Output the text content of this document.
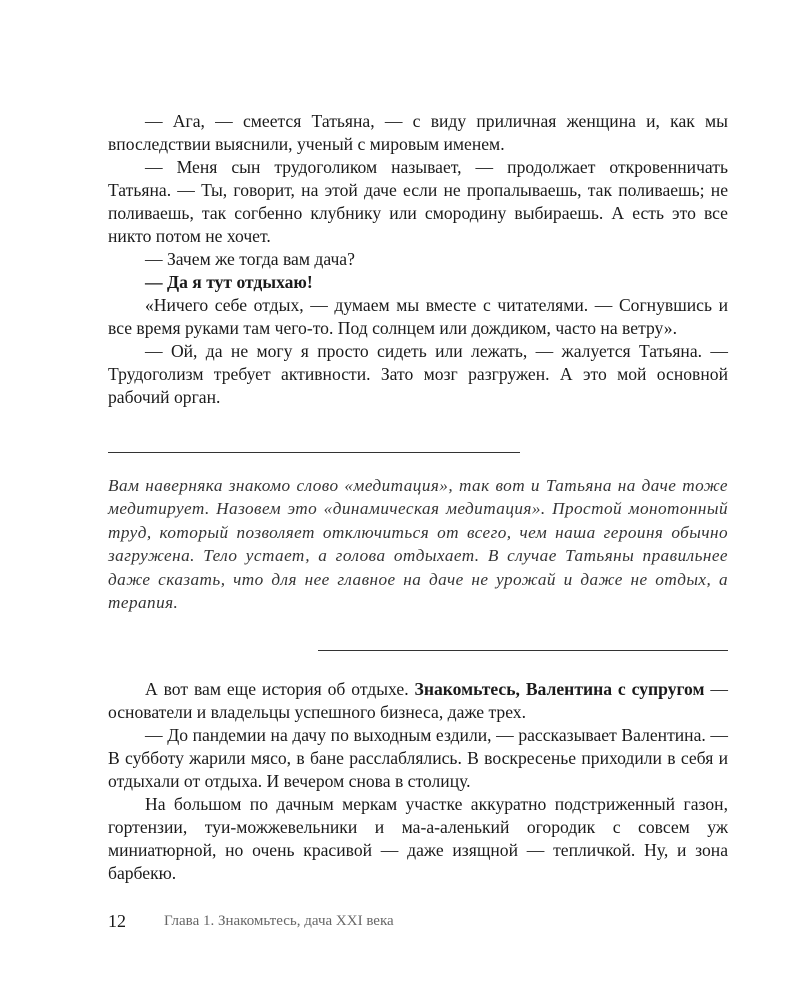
— Ага, — смеется Татьяна, — с виду приличная женщина и, как мы впоследствии выяснили, ученый с мировым именем.

— Меня сын трудоголиком называет, — продолжает откровенничать Татьяна. — Ты, говорит, на этой даче если не пропалываешь, так поливаешь; не поливаешь, так согбенно клубнику или смородину выбираешь. А есть это все никто потом не хочет.

— Зачем же тогда вам дача?

— Да я тут отдыхаю!

«Ничего себе отдых, — думаем мы вместе с читателями. — Согнувшись и все время руками там чего-то. Под солнцем или дождиком, часто на ветру».

— Ой, да не могу я просто сидеть или лежать, — жалуется Татьяна. — Трудоголизм требует активности. Зато мозг разгружен. А это мой основной рабочий орган.

Вам наверняка знакомо слово «медитация», так вот и Татьяна на даче тоже медитирует. Назовем это «динамическая медитация». Простой монотонный труд, который позволяет отключиться от всего, чем наша героиня обычно загружена. Тело устает, а голова отдыхает. В случае Татьяны правильнее даже сказать, что для нее главное на даче не урожай и даже не отдых, а терапия.

А вот вам еще история об отдыхе. Знакомьтесь, Валентина с супругом — основатели и владельцы успешного бизнеса, даже трех.

— До пандемии на дачу по выходным ездили, — рассказывает Валентина. — В субботу жарили мясо, в бане расслаблялись. В воскресенье приходили в себя и отдыхали от отдыха. И вечером снова в столицу.

На большом по дачным меркам участке аккуратно подстриженный газон, гортензии, туи-можжевельники и ма-а-аленький огородик с совсем уж миниатюрной, но очень красивой — даже изящной — тепличкой. Ну, и зона барбекю.

12	Глава 1. Знакомьтесь, дача XXI века
